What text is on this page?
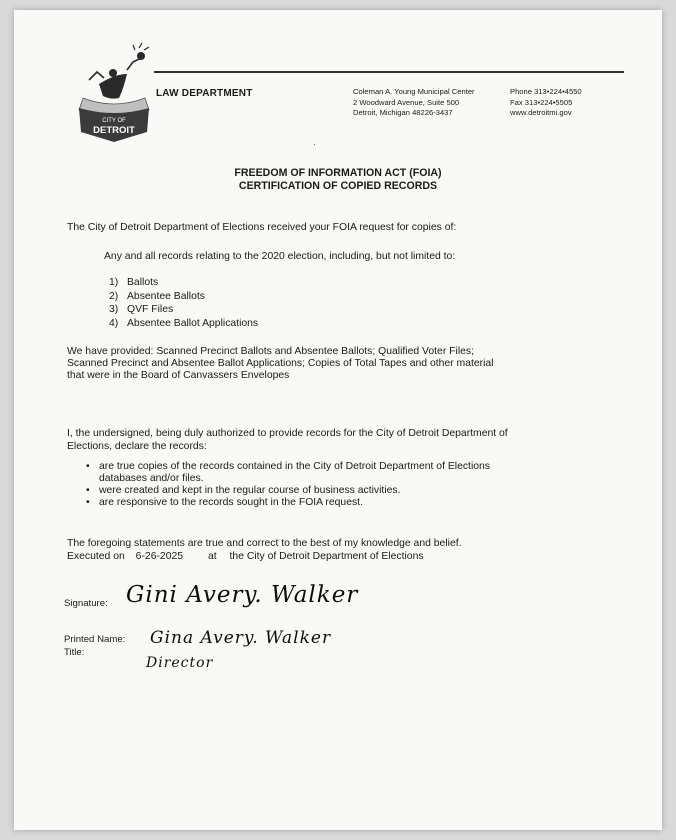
CITY OF
DETROIT
LAW DEPARTMENT	Coleman A. Young Municipal Center
2 Woodward Avenue, Suite 500
Detroit, Michigan 48226-3437
Phone 313•224•4550
Fax 313•224•5505
www.detroitmi.gov
·
FREEDOM OF INFORMATION ACT (FOIA)
CERTIFICATION OF COPIED RECORDS
The City of Detroit Department of Elections received your FOIA request for copies of:
Any and all records relating to the 2020 election, including, but not limited to:
1) Ballots
2) Absentee Ballots
3) QVF Files
4) Absentee Ballot Applications
We have provided: Scanned Precinct Ballots and Absentee Ballots; Qualified Voter Files;
Scanned Precinct and Absentee Ballot Applications; Copies of Total Tapes and other material
that were in the Board of Canvassers Envelopes
I, the undersigned, being duly authorized to provide records for the City of Detroit Department of
Elections, declare the records:
• are true copies of the records contained in the City of Detroit Department of Elections
databases and/or files.
• were created and kept in the regular course of business activities.
• are responsive to the records sought in the FOIA request.
The foregoing statements are true and correct to the best of my knowledge and belief.
Executed on 6-26-2025 at the City of Detroit Department of Elections
Signature:
Printed Name:
Title:
Gini Avery. Walker
Gina Avery. Walker
Director
